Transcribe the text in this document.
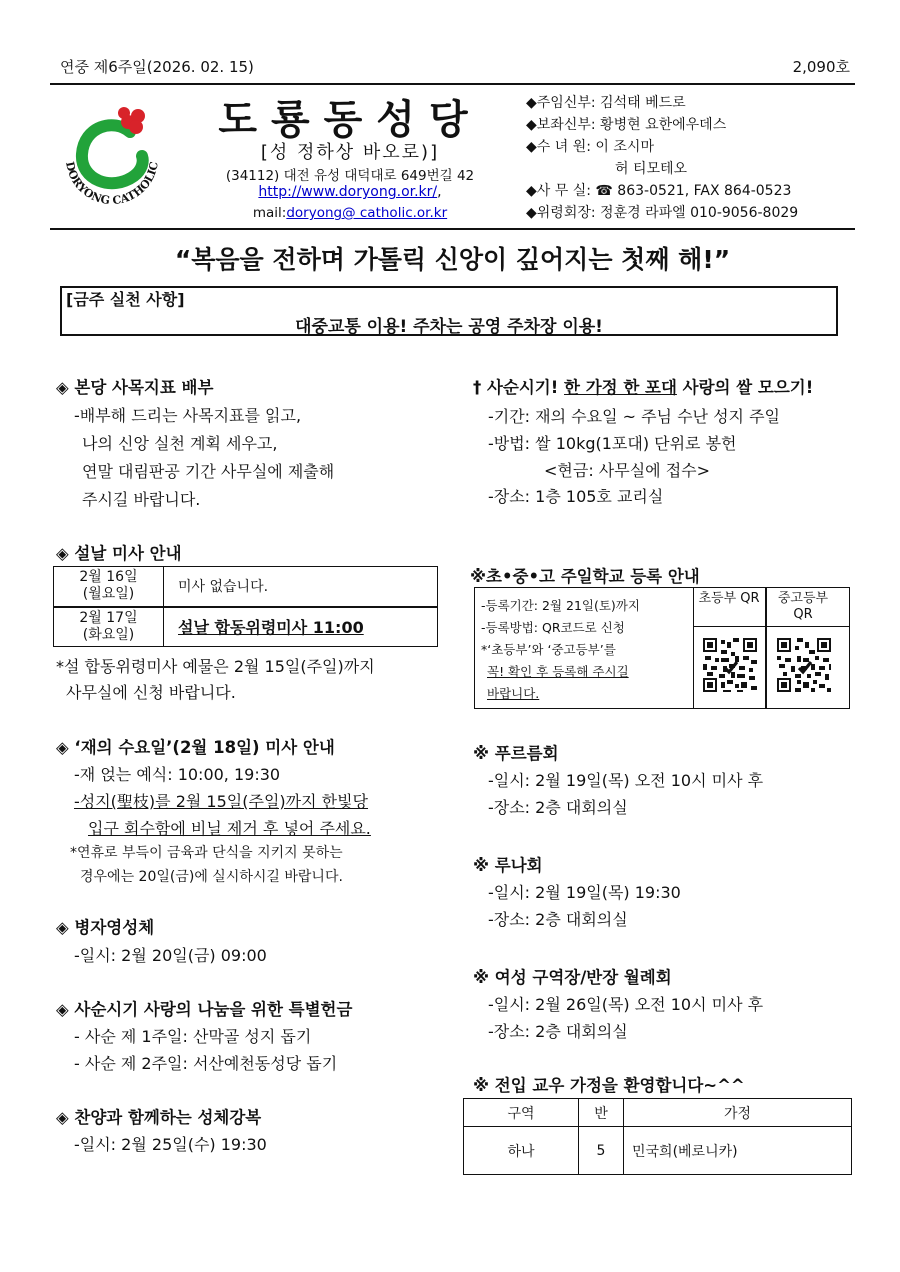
연중 제6주일(2026. 02. 15)	2,090호
DORYONG CATHOLIC
도룡동성당
[성 정하상 바오로)]
(34112) 대전 유성 대덕대로 649번길 42
http://www.doryong.or.kr/,
mail:doryong@ catholic.or.kr
◆주임신부: 김석태 베드로
◆보좌신부: 황병현 요한에우데스
◆수 녀 원: 이 조시마
허 티모테오
◆사 무 실: ☎ 863-0521, FAX 864-0523
◆위령회장: 정훈경 라파엘 010-9056-8029
“복음을 전하며 가톨릭 신앙이 깊어지는 첫째 해!”
[금주 실천 사항]
대중교통 이용! 주차는 공영 주차장 이용!
◈ 본당 사목지표 배부
-배부해 드리는 사목지표를 읽고,
나의 신앙 실천 계획 세우고,
연말 대림판공 기간 사무실에 제출해
주시길 바랍니다.
◈ 설날 미사 안내
2월 16일
(월요일)	미사 없습니다.

2월 17일
(화요일)	설날 합동위령미사 11:00
*설 합동위령미사 예물은 2월 15일(주일)까지
사무실에 신청 바랍니다.
◈ ‘재의 수요일’(2월 18일) 미사 안내
-재 얹는 예식: 10:00, 19:30
-성지(聖枝)를 2월 15일(주일)까지 한빛당
입구 회수함에 비닐 제거 후 넣어 주세요.
*연휴로 부득이 금육과 단식을 지키지 못하는
경우에는 20일(금)에 실시하시길 바랍니다.
◈ 병자영성체
-일시: 2월 20일(금) 09:00
◈ 사순시기 사랑의 나눔을 위한 특별헌금
- 사순 제 1주일: 산막골 성지 돕기
- 사순 제 2주일: 서산예천동성당 돕기
◈ 찬양과 함께하는 성체강복
-일시: 2월 25일(수) 19:30
† 사순시기! 한 가정 한 포대 사랑의 쌀 모으기!
-기간: 재의 수요일 ~ 주님 수난 성지 주일
-방법: 쌀 10kg(1포대) 단위로 봉헌
<현금: 사무실에 접수>
-장소: 1층 105호 교리실
※초•중•고 주일학교 등록 안내
-등록기간: 2월 21일(토)까지
-등록방법: QR코드로 신청
*‘초등부’와 ‘중고등부’를
꼭! 확인 후 등록해 주시길
바랍니다.
초등부 QR	중고등부 QR
※ 푸르름회
-일시: 2월 19일(목) 오전 10시 미사 후
-장소: 2층 대회의실
※ 루나회
-일시: 2월 19일(목) 19:30
-장소: 2층 대회의실
※ 여성 구역장/반장 월례회
-일시: 2월 26일(목) 오전 10시 미사 후
-장소: 2층 대회의실
※ 전입 교우 가정을 환영합니다~^^
구역	반	가정
하나	5	민국희(베로니카)
